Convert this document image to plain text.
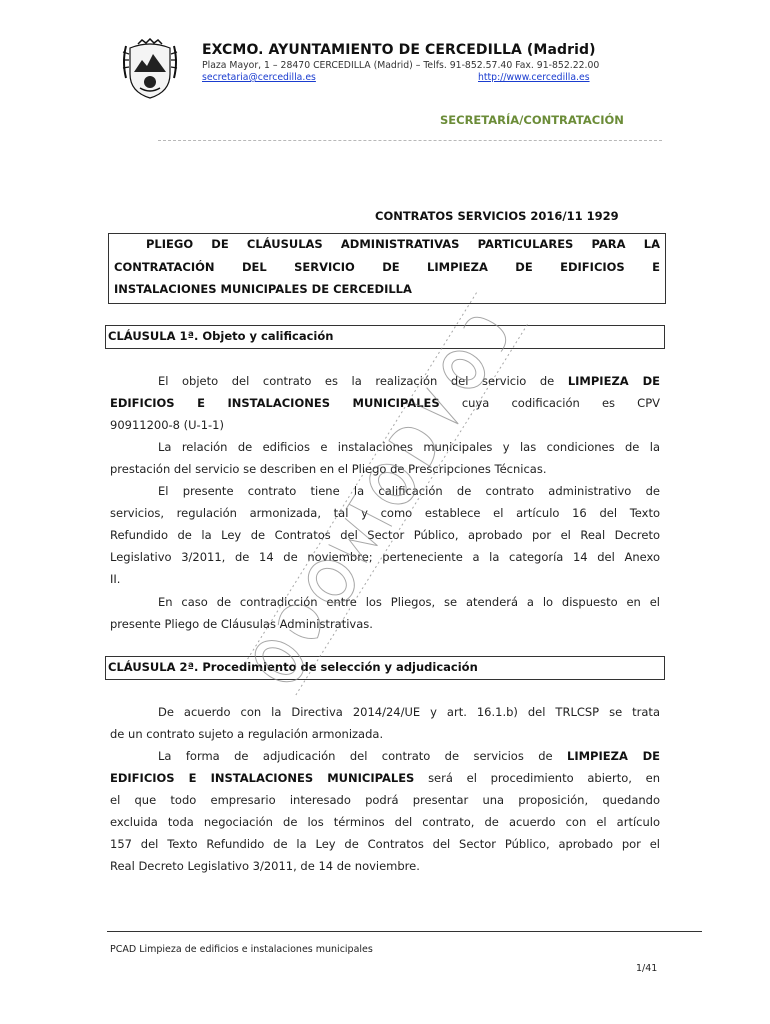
EXCMO. AYUNTAMIENTO DE CERCEDILLA (Madrid)
Plaza Mayor, 1 – 28470 CERCEDILLA (Madrid) – Telfs. 91-852.57.40 Fax. 91-852.22.00
secretaria@cercedilla.es	http://www.cercedilla.es
SECRETARÍA/CONTRATACIÓN
CONTRATOS SERVICIOS 2016/11 1929
PLIEGO DE CLÁUSULAS ADMINISTRATIVAS PARTICULARES PARA LA
CONTRATACIÓN DEL SERVICIO DE LIMPIEZA DE EDIFICIOS E
INSTALACIONES MUNICIPALES DE CERCEDILLA
CLÁUSULA 1ª. Objeto y calificación
El objeto del contrato es la realización del servicio de LIMPIEZA DE
EDIFICIOS E INSTALACIONES MUNICIPALES cuya codificación es CPV
90911200-8 (U-1-1)
La relación de edificios e instalaciones municipales y las condiciones de la
prestación del servicio se describen en el Pliego de Prescripciones Técnicas.
El presente contrato tiene la calificación de contrato administrativo de
servicios, regulación armonizada, tal y como establece el artículo 16 del Texto
Refundido de la Ley de Contratos del Sector Público, aprobado por el Real Decreto
Legislativo 3/2011, de 14 de noviembre; perteneciente a la categoría 14 del Anexo
II.
En caso de contradicción entre los Pliegos, se atenderá a lo dispuesto en el
presente Pliego de Cláusulas Administrativas.
CLÁUSULA 2ª. Procedimiento de selección y adjudicación
De acuerdo con la Directiva 2014/24/UE y art. 16.1.b) del TRLCSP se trata
de un contrato sujeto a regulación armonizada.
La forma de adjudicación del contrato de servicios de LIMPIEZA DE
EDIFICIOS E INSTALACIONES MUNICIPALES será el procedimiento abierto, en
el que todo empresario interesado podrá presentar una proposición, quedando
excluida toda negociación de los términos del contrato, de acuerdo con el artículo
157 del Texto Refundido de la Ley de Contratos del Sector Público, aprobado por el
Real Decreto Legislativo 3/2011, de 14 de noviembre.
PCAD Limpieza de edificios e instalaciones municipales
1/41
